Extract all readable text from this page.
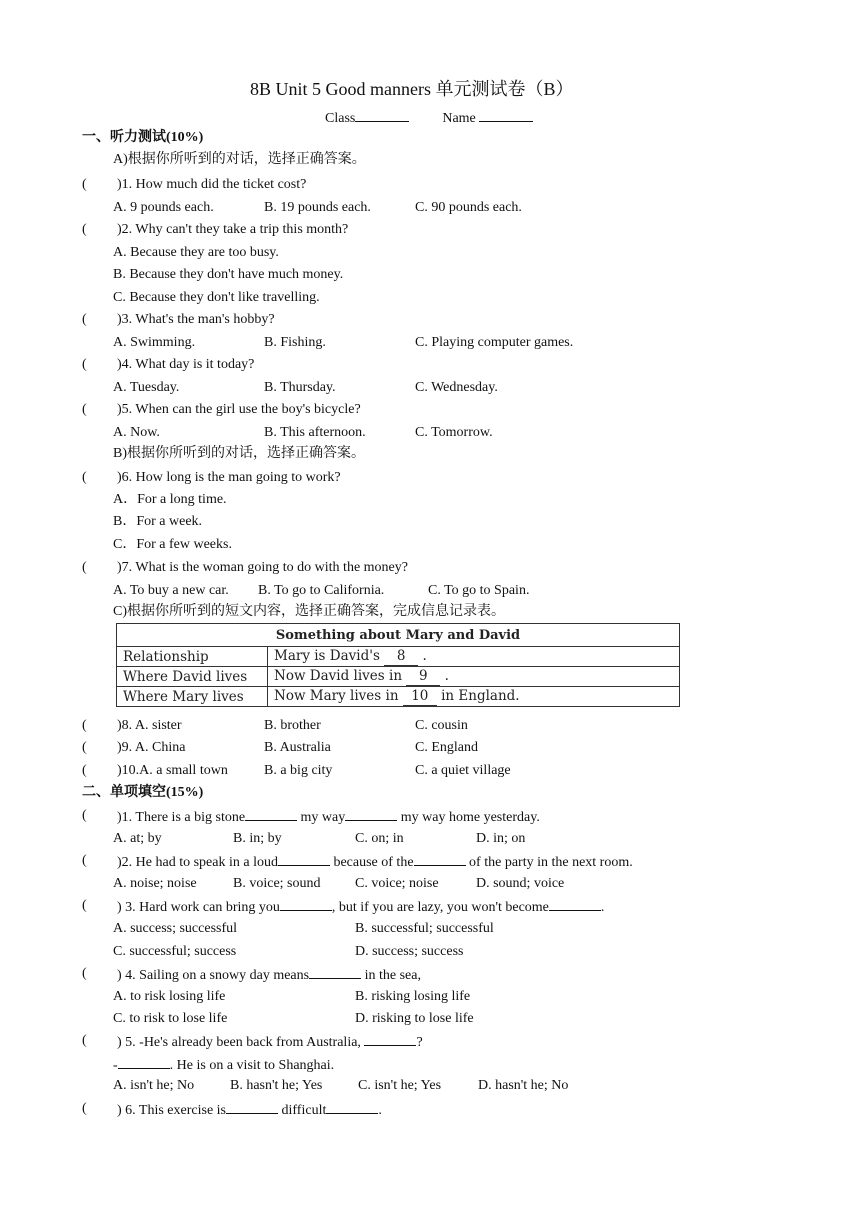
8B Unit 5 Good manners 单元测试卷（B）
Class	Name
一、听力测试(10%)
A)根据你所听到的对话，选择正确答案。
( )1. How much did the ticket cost?
A. 9 pounds each.	B. 19 pounds each.	C. 90 pounds each.
( )2. Why can't they take a trip this month?
A. Because they are too busy.
B. Because they don't have much money.
C. Because they don't like travelling.
( )3. What's the man's hobby?
A. Swimming.	B. Fishing.	C. Playing computer games.
( )4. What day is it today?
A. Tuesday.	B. Thursday.	C. Wednesday.
( )5. When can the girl use the boy's bicycle?
A. Now.	B. This afternoon.	C. Tomorrow.
B)根据你所听到的对话，选择正确答案。
( )6. How long is the man going to work?
A．For a long time.
B．For a week.
C．For a few weeks.
( )7. What is the woman going to do with the money?
A. To buy a new car. B. To go to California.	C. To go to Spain.
C)根据你所听到的短文内容，选择正确答案，完成信息记录表。
Something about Mary and David	
Relationship	Mary is David's 8 .
Where David lives	Now David lives in 9 .
Where Mary lives	Now Mary lives in 10 in England.
( )8. A. sister	B. brother	C. cousin
( )9. A. China	B. Australia	C. England
( )10.A. a small town	B. a big city	C. a quiet village
二、单项填空(15%)
( )1. There is a big stone	my way	my way home yesterday.
A. at; by	B. in; by	C. on; in	D. in; on
( )2. He had to speak in a loud	because of the	of the party in the next room.
A. noise; noise	B. voice; sound C. voice; noise	D. sound; voice
( ) 3. Hard work can bring you	, but if you are lazy, you won't become	.
A. success; successful	B. successful; successful
C. successful; success	D. success; success
( ) 4. Sailing on a snowy day means	in the sea,
A. to risk losing life	B. risking losing life
C. to risk to lose life	D. risking to lose life
( ) 5. -He's already been back from Australia,	?
-	. He is on a visit to Shanghai.
A. isn't he; No	B. hasn't he; Yes	C. isn't he; Yes	D. hasn't he; No
( ) 6. This exercise is	difficult	.
